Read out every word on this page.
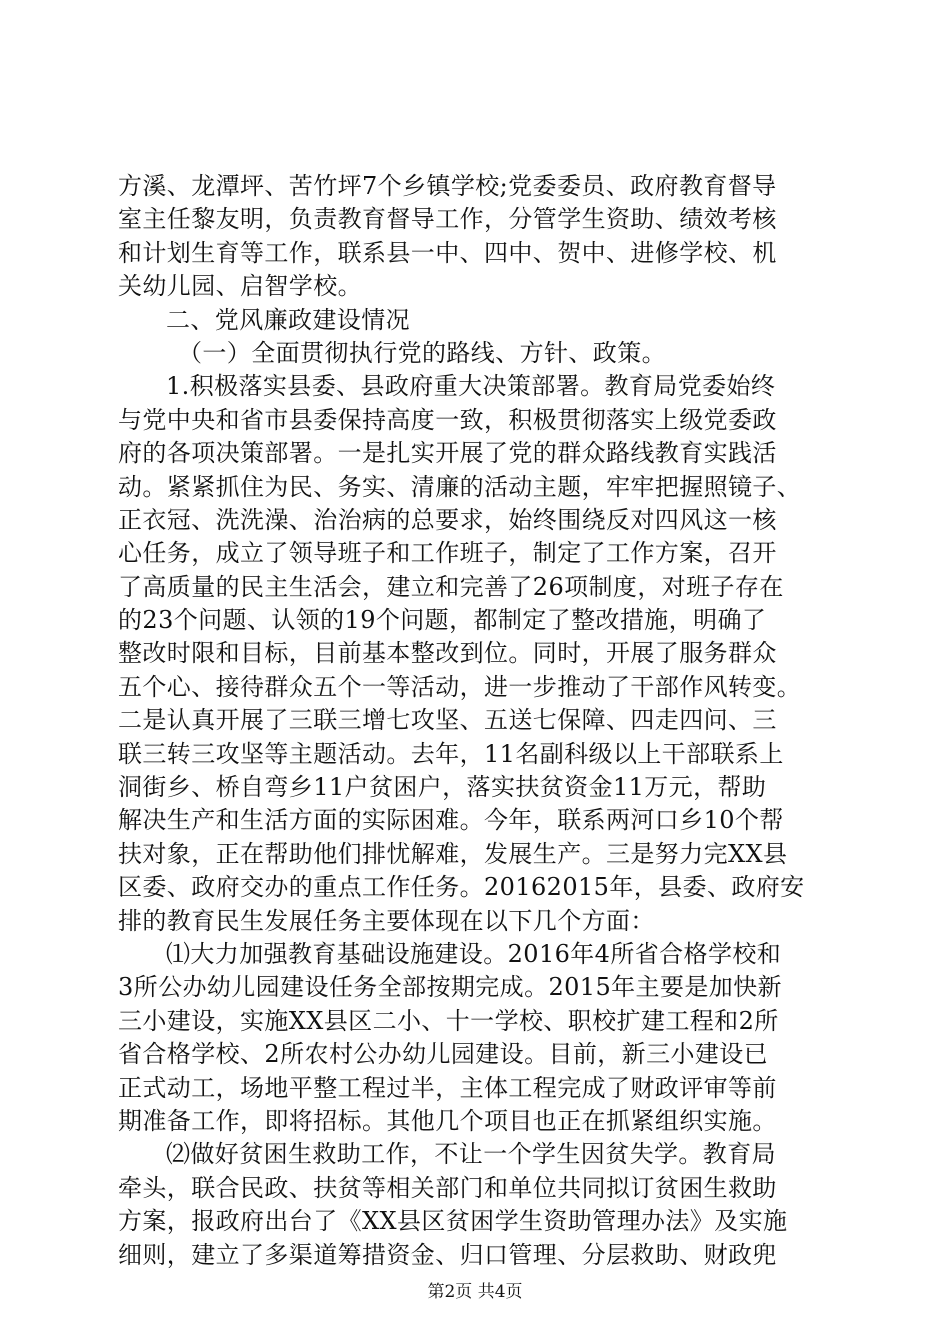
方溪、龙潭坪、苦竹坪7个乡镇学校;党委委员、政府教育督导
室主任黎友明，负责教育督导工作，分管学生资助、绩效考核
和计划生育等工作，联系县一中、四中、贺中、进修学校、机
关幼儿园、启智学校。
二、党风廉政建设情况
（一）全面贯彻执行党的路线、方针、政策。
1.积极落实县委、县政府重大决策部署。教育局党委始终
与党中央和省市县委保持高度一致，积极贯彻落实上级党委政
府的各项决策部署。一是扎实开展了党的群众路线教育实践活
动。紧紧抓住为民、务实、清廉的活动主题，牢牢把握照镜子、
正衣冠、洗洗澡、治治病的总要求，始终围绕反对四风这一核
心任务，成立了领导班子和工作班子，制定了工作方案，召开
了高质量的民主生活会，建立和完善了26项制度，对班子存在
的23个问题、认领的19个问题，都制定了整改措施，明确了
整改时限和目标，目前基本整改到位。同时，开展了服务群众
五个心、接待群众五个一等活动，进一步推动了干部作风转变。
二是认真开展了三联三增七攻坚、五送七保障、四走四问、三
联三转三攻坚等主题活动。去年，11名副科级以上干部联系上
洞街乡、桥自弯乡11户贫困户，落实扶贫资金11万元，帮助
解决生产和生活方面的实际困难。今年，联系两河口乡10个帮
扶对象，正在帮助他们排忧解难，发展生产。三是努力完XX县
区委、政府交办的重点工作任务。20162015年，县委、政府安
排的教育民生发展任务主要体现在以下几个方面：
⑴大力加强教育基础设施建设。2016年4所省合格学校和
3所公办幼儿园建设任务全部按期完成。2015年主要是加快新
三小建设，实施XX县区二小、十一学校、职校扩建工程和2所
省合格学校、2所农村公办幼儿园建设。目前，新三小建设已
正式动工，场地平整工程过半，主体工程完成了财政评审等前
期准备工作，即将招标。其他几个项目也正在抓紧组织实施。
⑵做好贫困生救助工作，不让一个学生因贫失学。教育局
牵头，联合民政、扶贫等相关部门和单位共同拟订贫困生救助
方案，报政府出台了《XX县区贫困学生资助管理办法》及实施
细则，建立了多渠道筹措资金、归口管理、分层救助、财政兜
第2页 共4页
